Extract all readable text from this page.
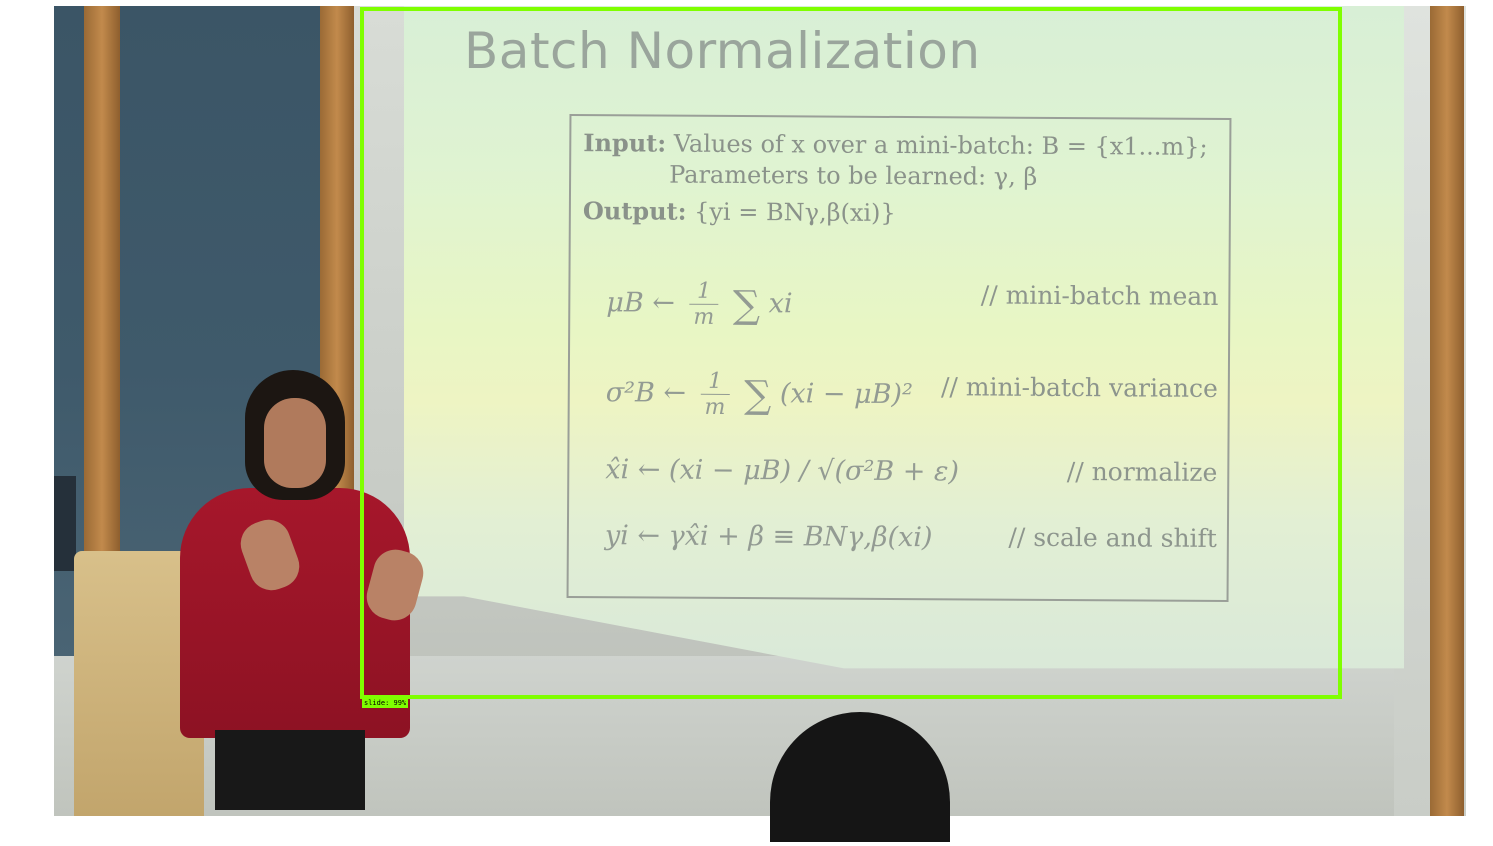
Batch Normalization
Input: Values of x over a mini-batch: B = {x1...m};
Parameters to be learned: γ, β
Output: {yi = BNγ,β(xi)}
μB ← $\frac{1}{m}$ ∑ xi	// mini-batch mean
σ²B ← $\frac{1}{m}$ ∑ (xi − μB)² // mini-batch variance
x̂i ← (xi − μB) / √(σ²B + ε)	// normalize
yi ← γx̂i + β ≡ BNγ,β(xi)	// scale and shift
slide: 99%
